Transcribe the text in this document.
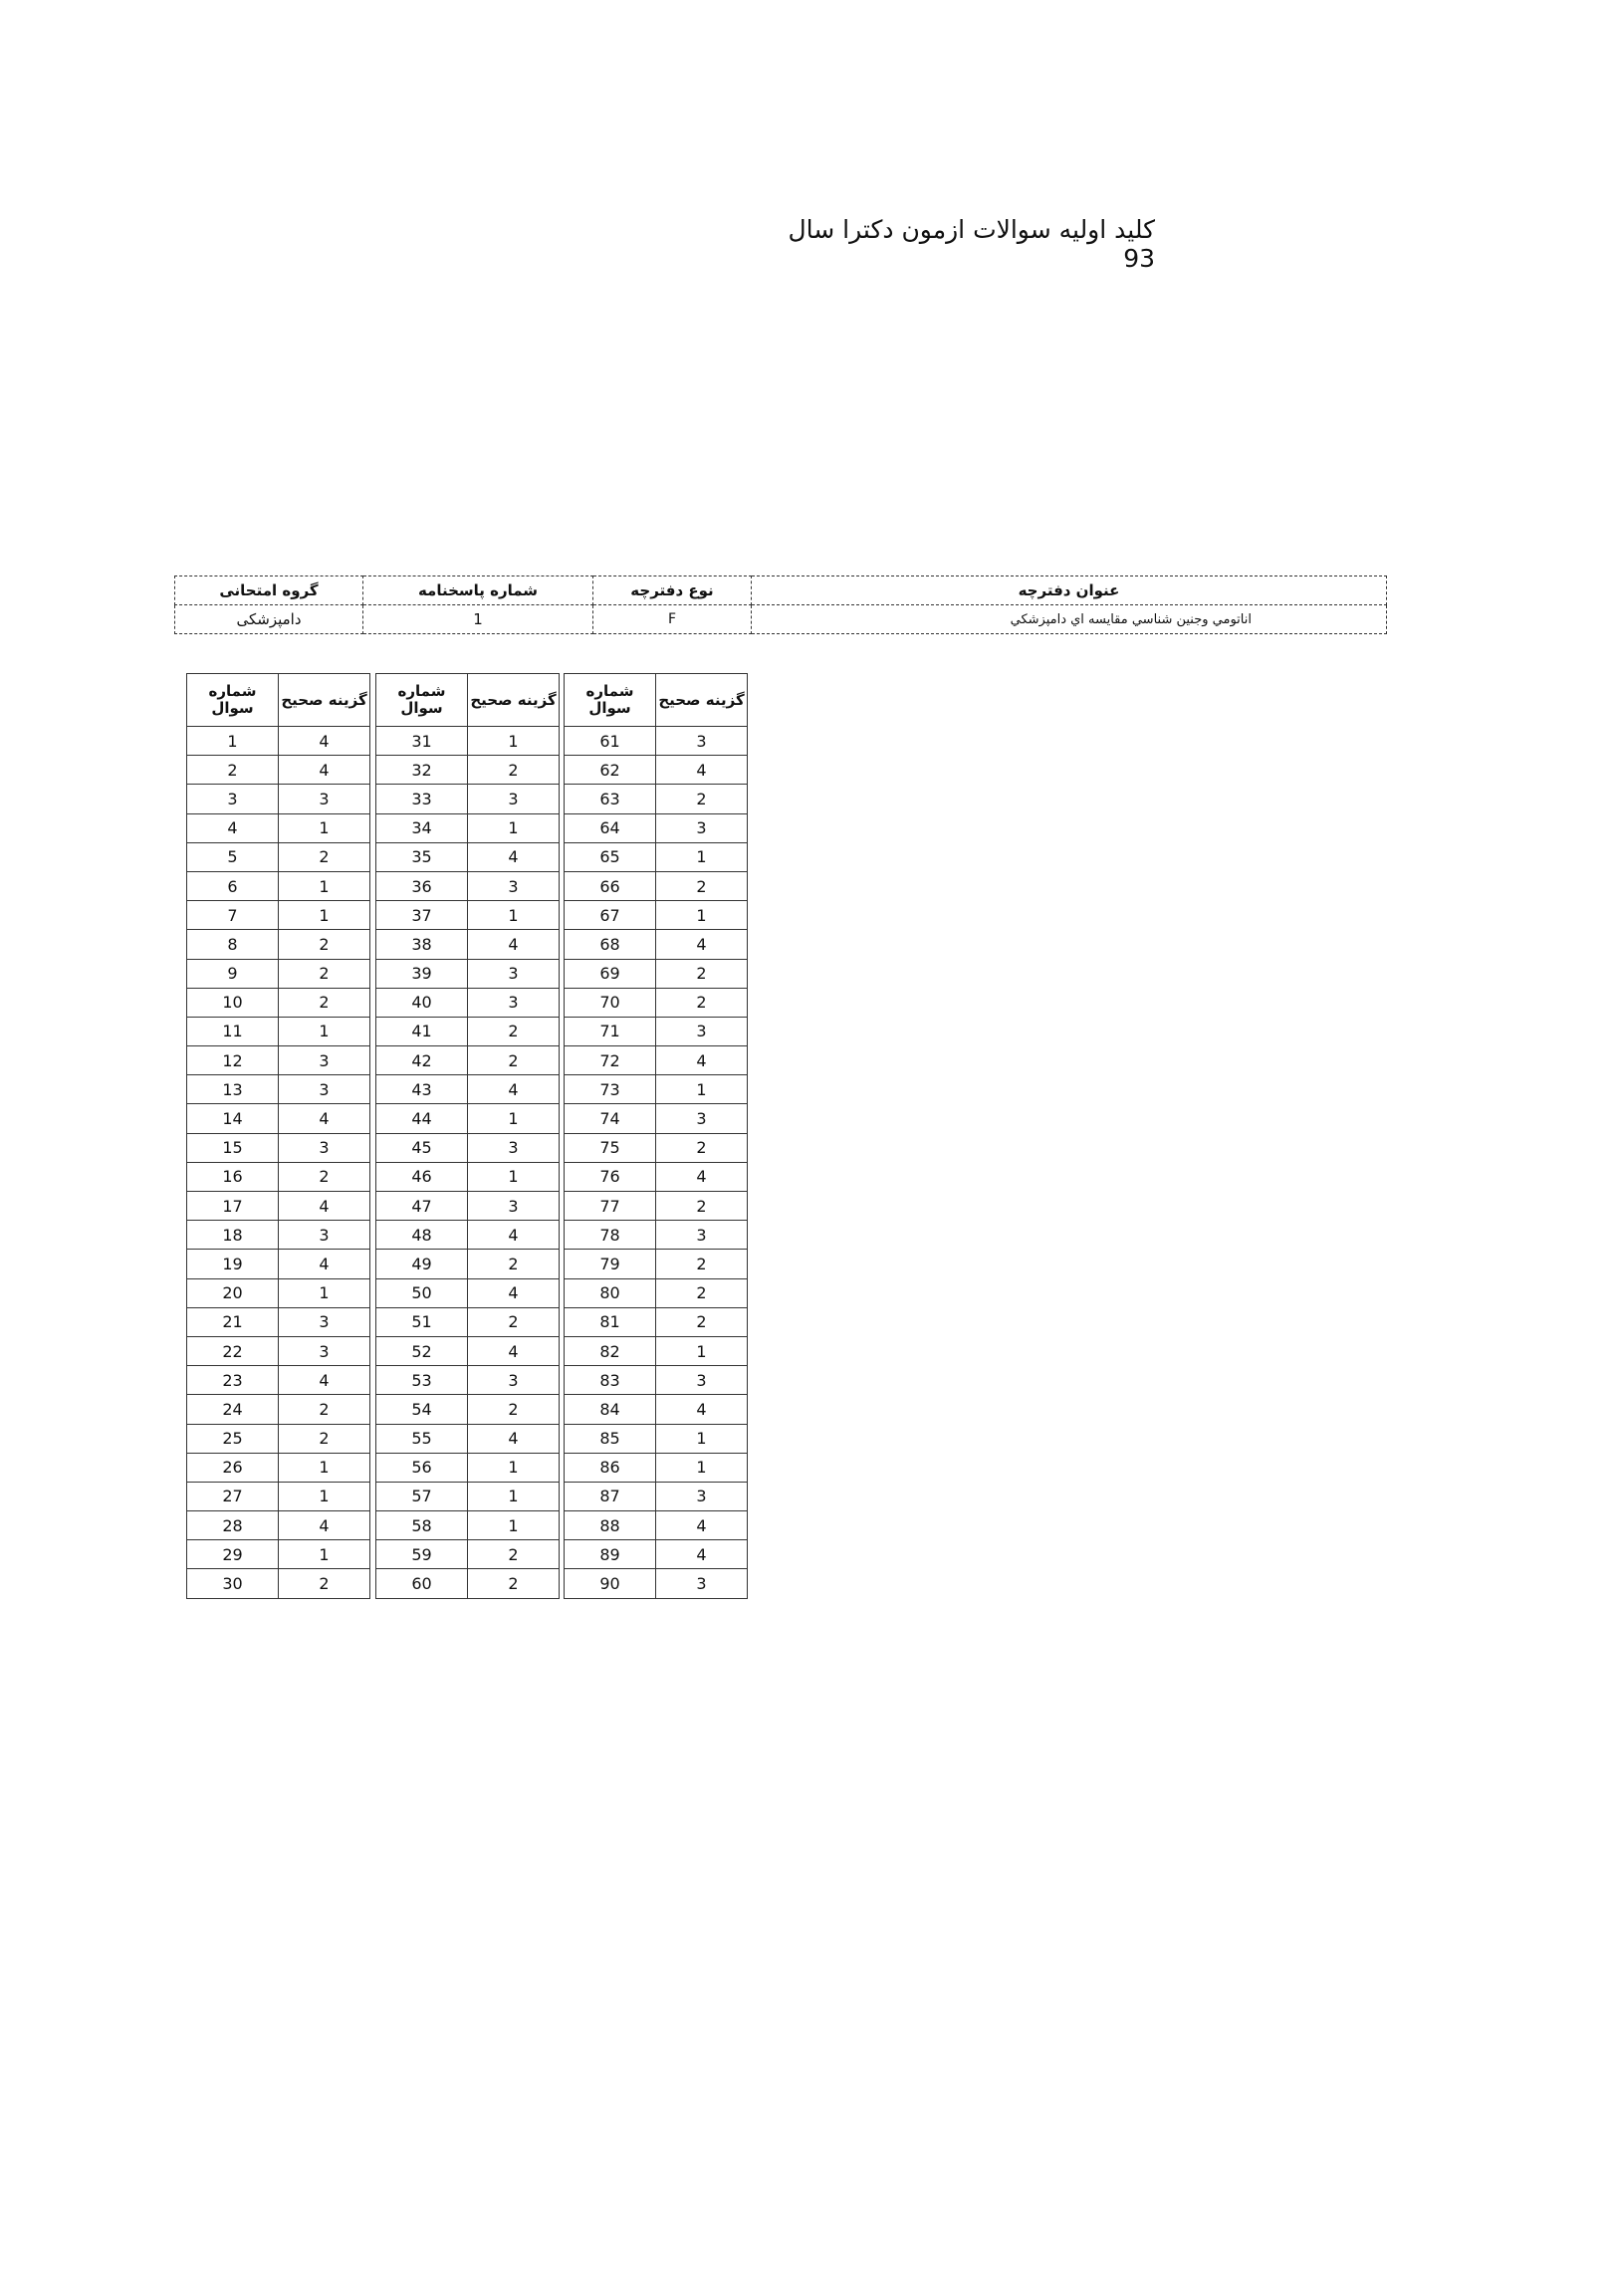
کلید اولیه سوالات ازمون دکترا سال 93
گروه امتحانی	شماره پاسخنامه	نوع دفترچه	عنوان دفترچه
دامپزشکی	1	F	اناتومي وجنين شناسي مقايسه اي دامپزشكي
شماره سوال	گزینه صحیح
1	4
2	4
3	3
4	1
5	2
6	1
7	1
8	2
9	2
10	2
11	1
12	3
13	3
14	4
15	3
16	2
17	4
18	3
19	4
20	1
21	3
22	3
23	4
24	2
25	2
26	1
27	1
28	4
29	1
30	2
شماره سوال	گزینه صحیح
31	1
32	2
33	3
34	1
35	4
36	3
37	1
38	4
39	3
40	3
41	2
42	2
43	4
44	1
45	3
46	1
47	3
48	4
49	2
50	4
51	2
52	4
53	3
54	2
55	4
56	1
57	1
58	1
59	2
60	2
شماره سوال	گزینه صحیح
61	3
62	4
63	2
64	3
65	1
66	2
67	1
68	4
69	2
70	2
71	3
72	4
73	1
74	3
75	2
76	4
77	2
78	3
79	2
80	2
81	2
82	1
83	3
84	4
85	1
86	1
87	3
88	4
89	4
90	3
